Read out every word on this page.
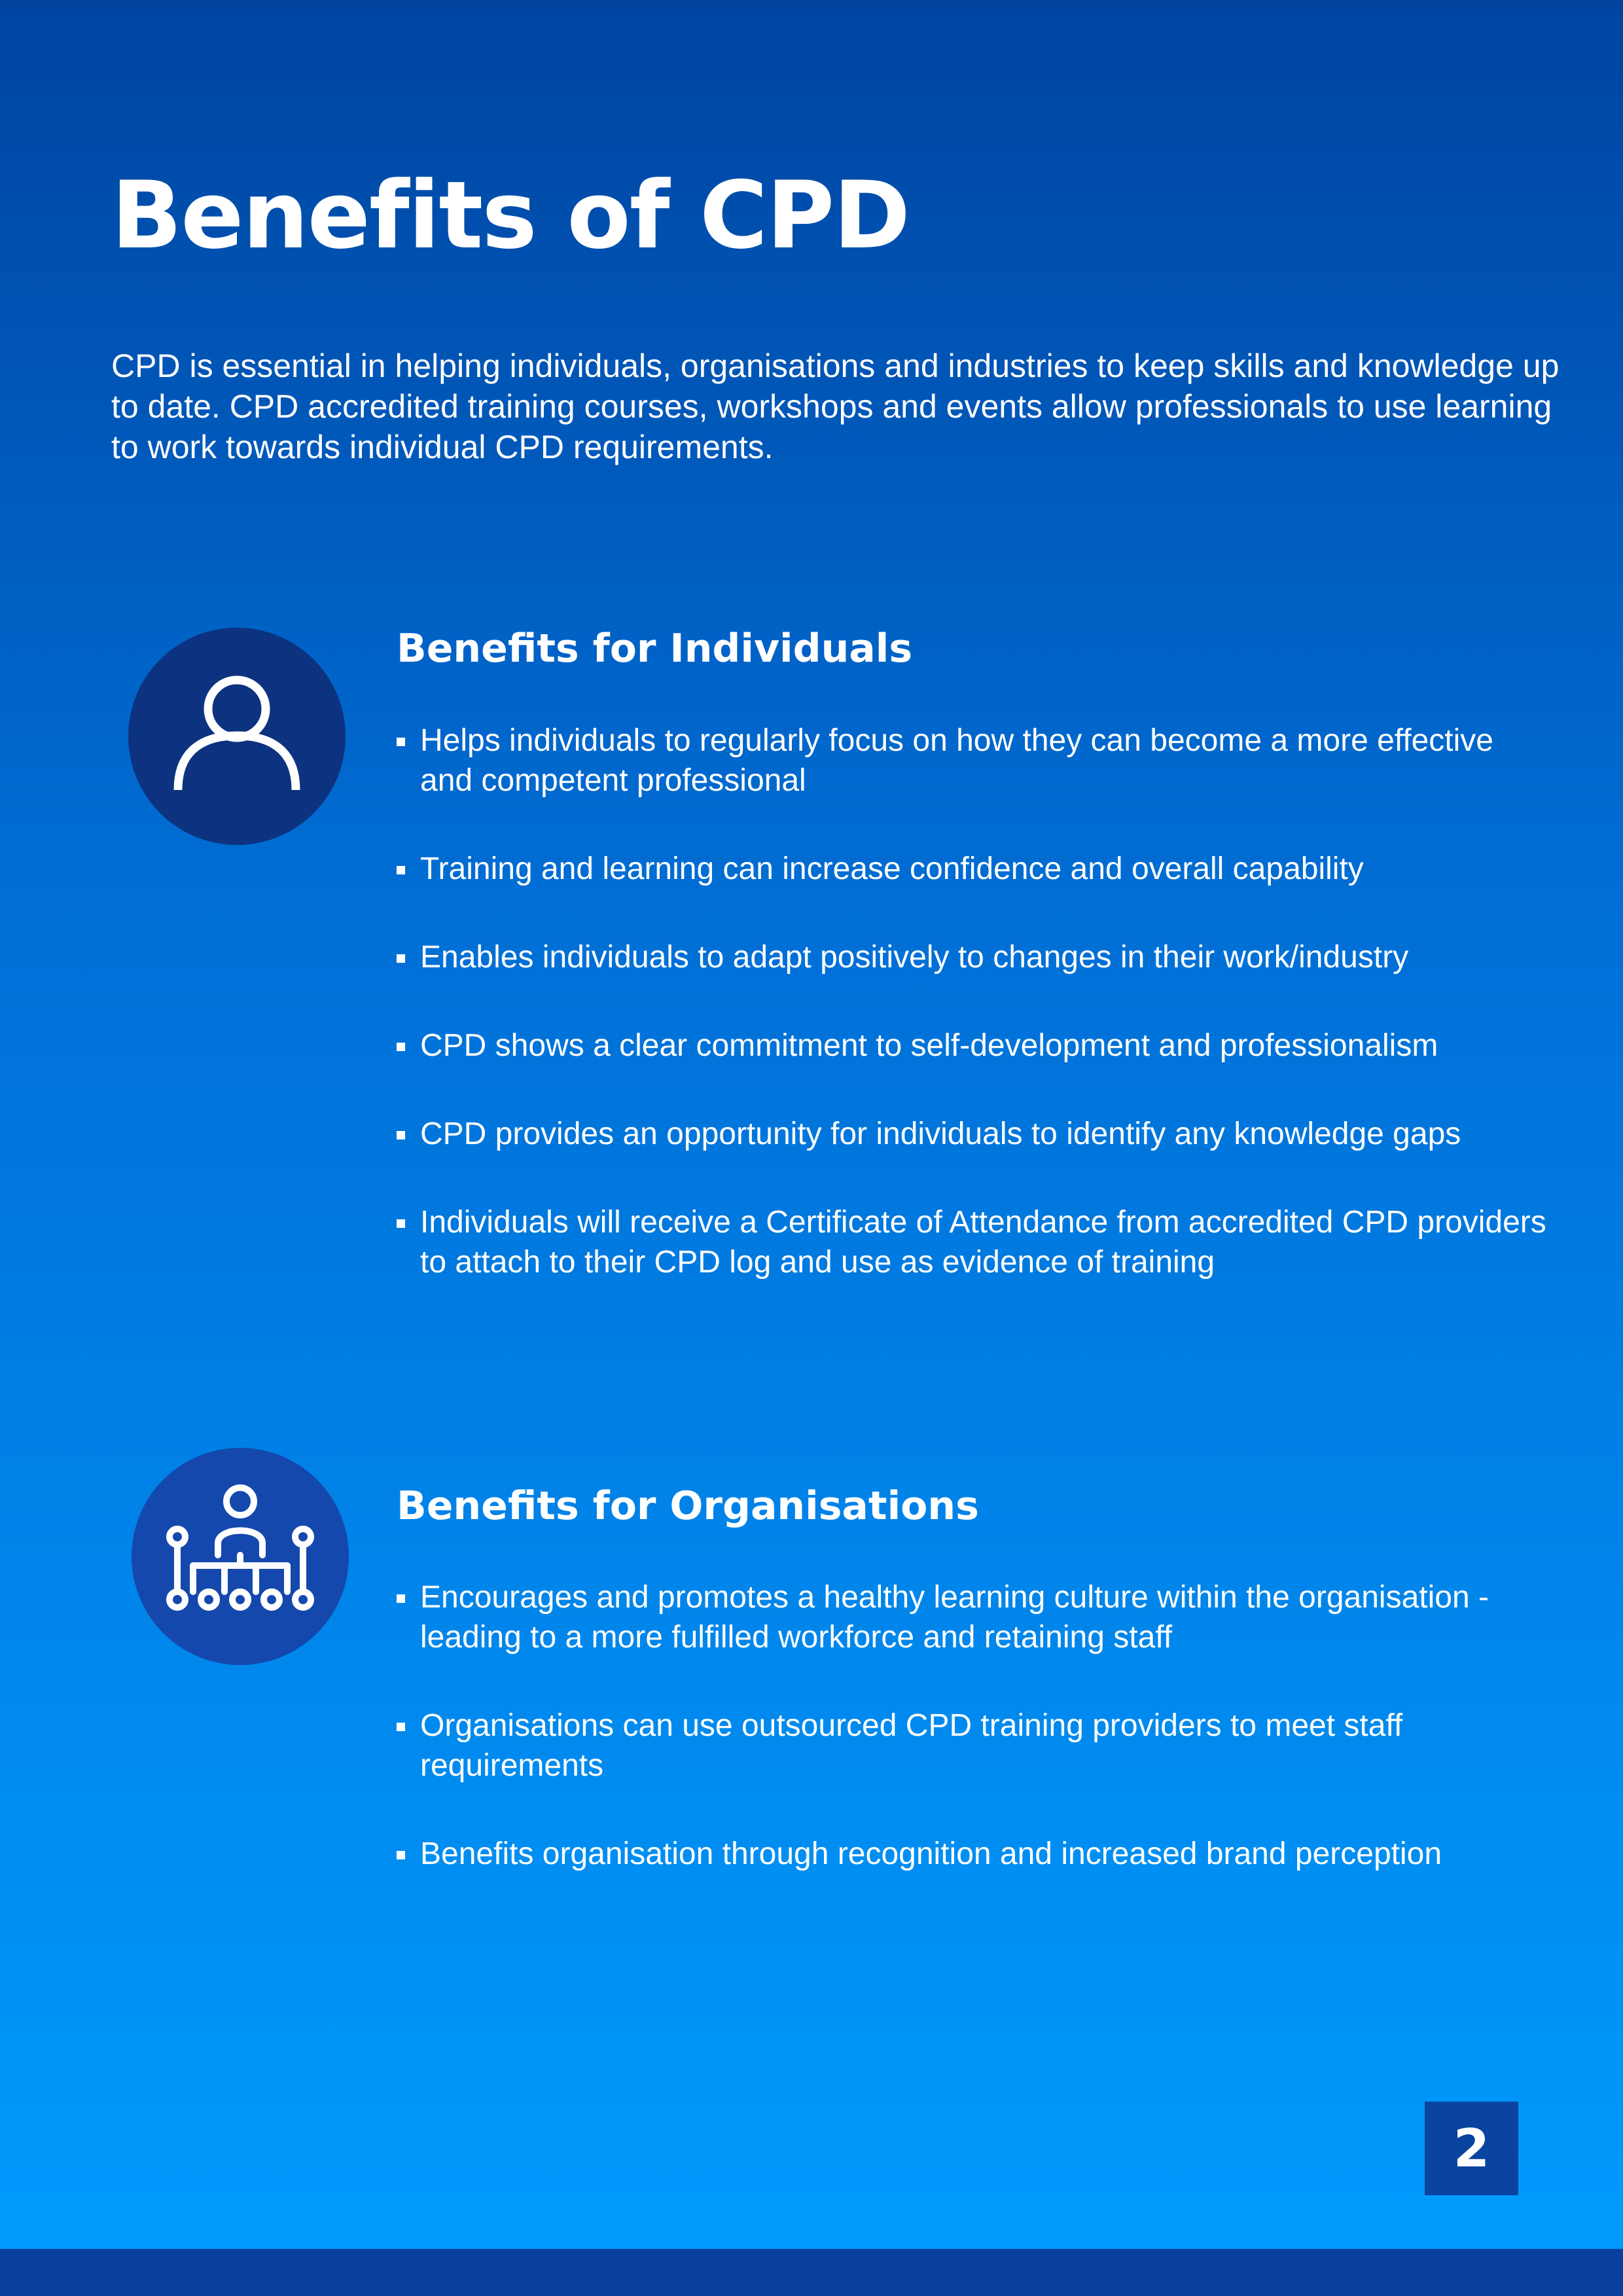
Benefits of CPD

CPD is essential in helping individuals, organisations and industries to keep skills and knowledge up to date. CPD accredited training courses, workshops and events allow professionals to use learning to work towards individual CPD requirements.

Benefits for Individuals
Helps individuals to regularly focus on how they can become a more effective and competent professional
Training and learning can increase confidence and overall capability
Enables individuals to adapt positively to changes in their work/industry
CPD shows a clear commitment to self-development and professionalism
CPD provides an opportunity for individuals to identify any knowledge gaps
Individuals will receive a Certificate of Attendance from accredited CPD providers to attach to their CPD log and use as evidence of training
Benefits for Organisations
Encourages and promotes a healthy learning culture within the organisation - leading to a more fulfilled workforce and retaining staff
Organisations can use outsourced CPD training providers to meet staff requirements
Benefits organisation through recognition and increased brand perception
2
